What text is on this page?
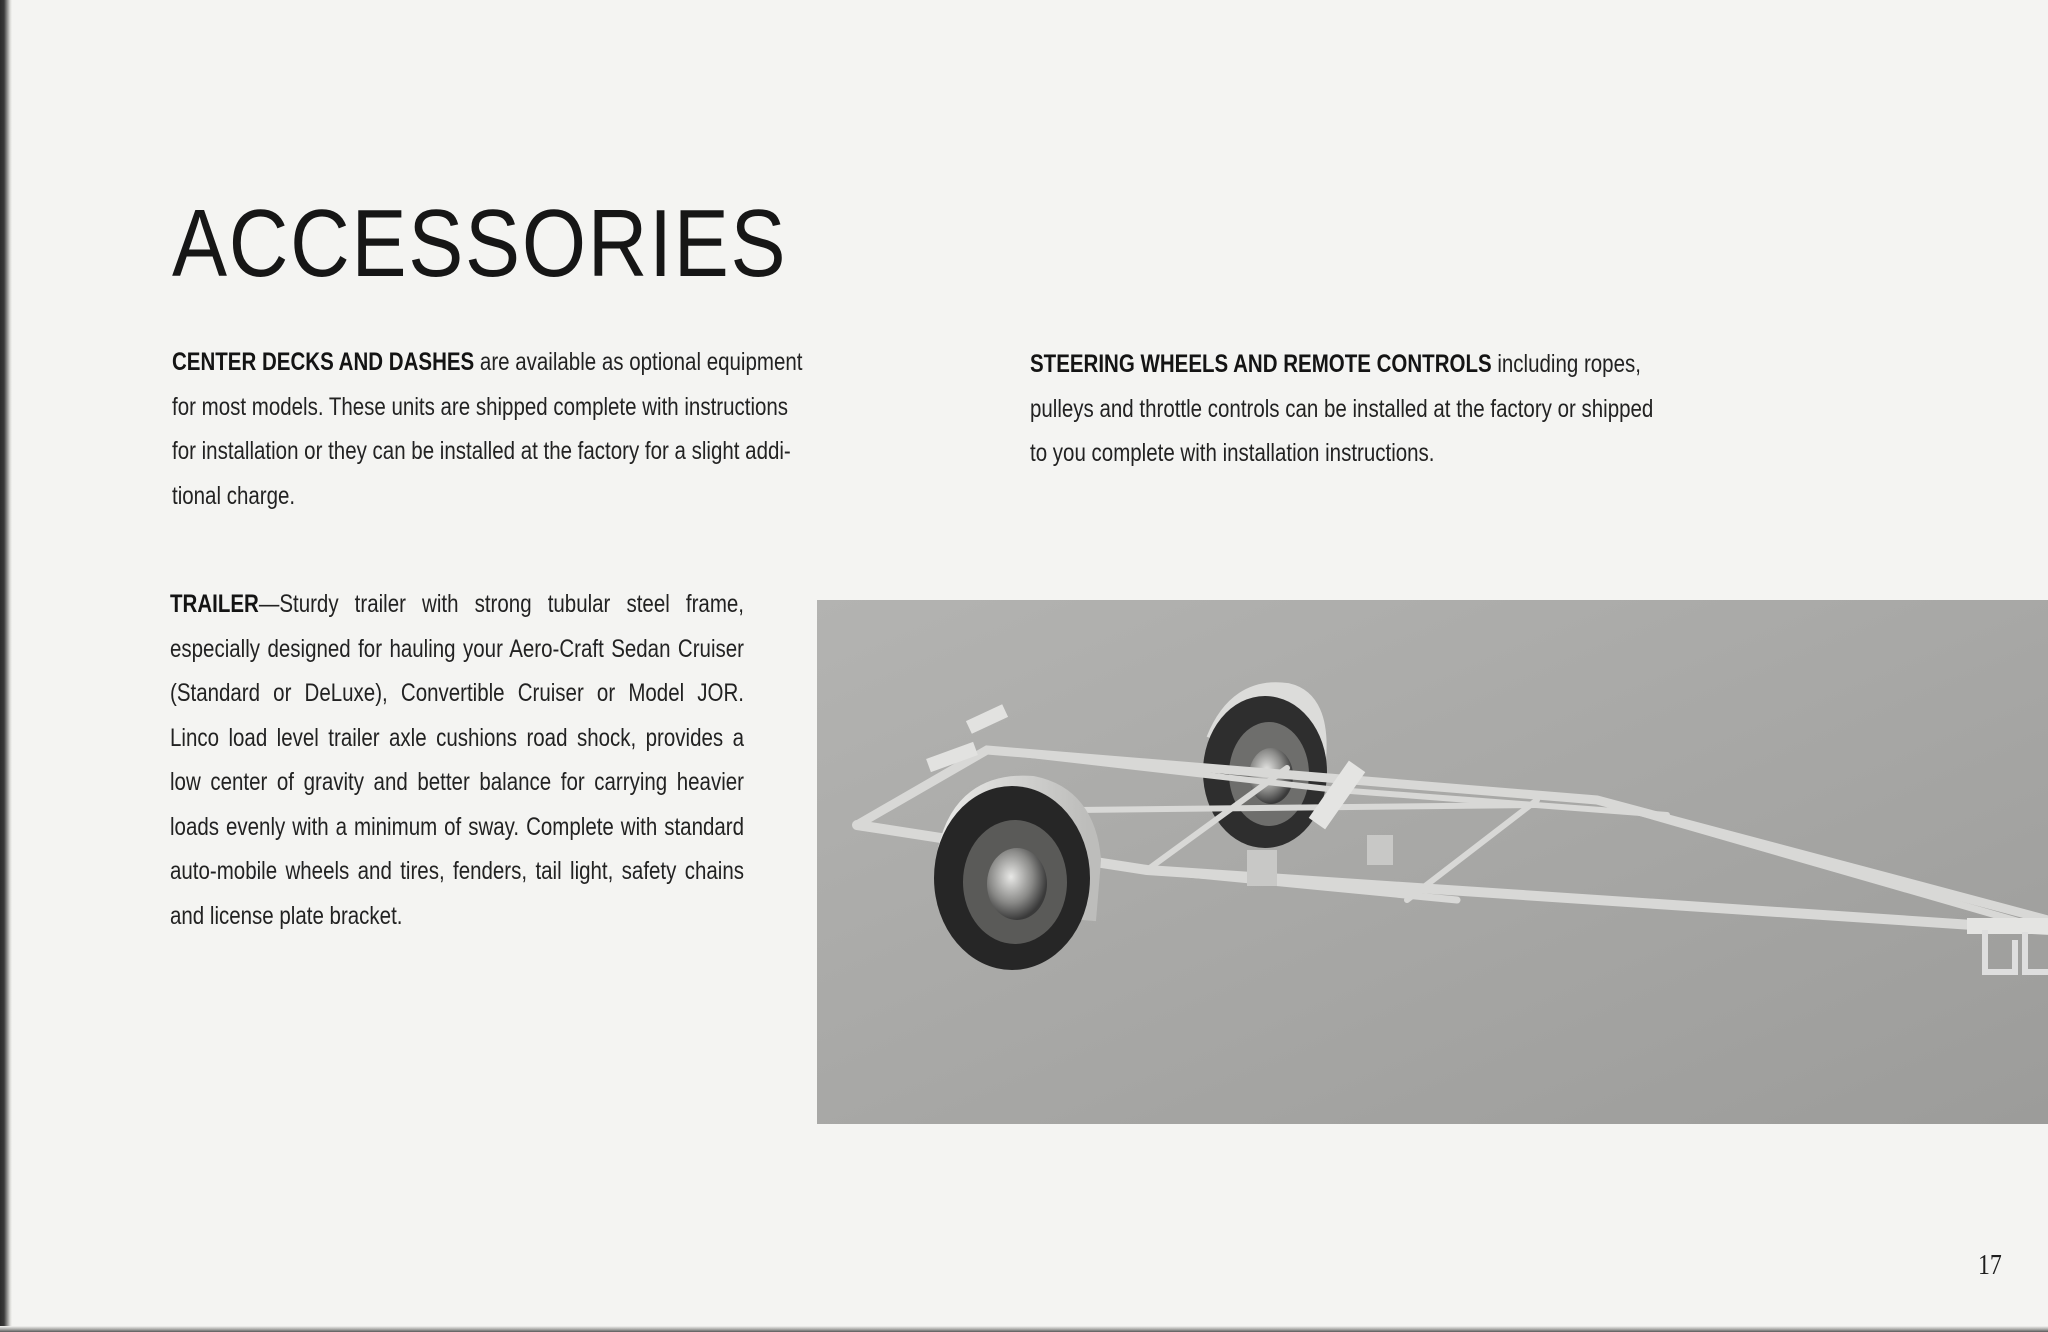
ACCESSORIES

CENTER DECKS AND DASHES are available as optional equipment
for most models. These units are shipped complete with instructions
for installation or they can be installed at the factory for a slight addi-
tional charge.

STEERING WHEELS AND REMOTE CONTROLS including ropes,
pulleys and throttle controls can be installed at the factory or shipped
to you complete with installation instructions.

TRAILER—Sturdy trailer with strong tubular steel frame, especially designed for hauling your Aero-Craft Sedan Cruiser (Standard or DeLuxe), Convertible Cruiser or Model JOR. Linco load level trailer axle cushions road shock, provides a low center of gravity and better balance for carrying heavier loads evenly with a minimum of sway. Complete with standard auto-mobile wheels and tires, fenders, tail light, safety chains and license plate bracket.

17
